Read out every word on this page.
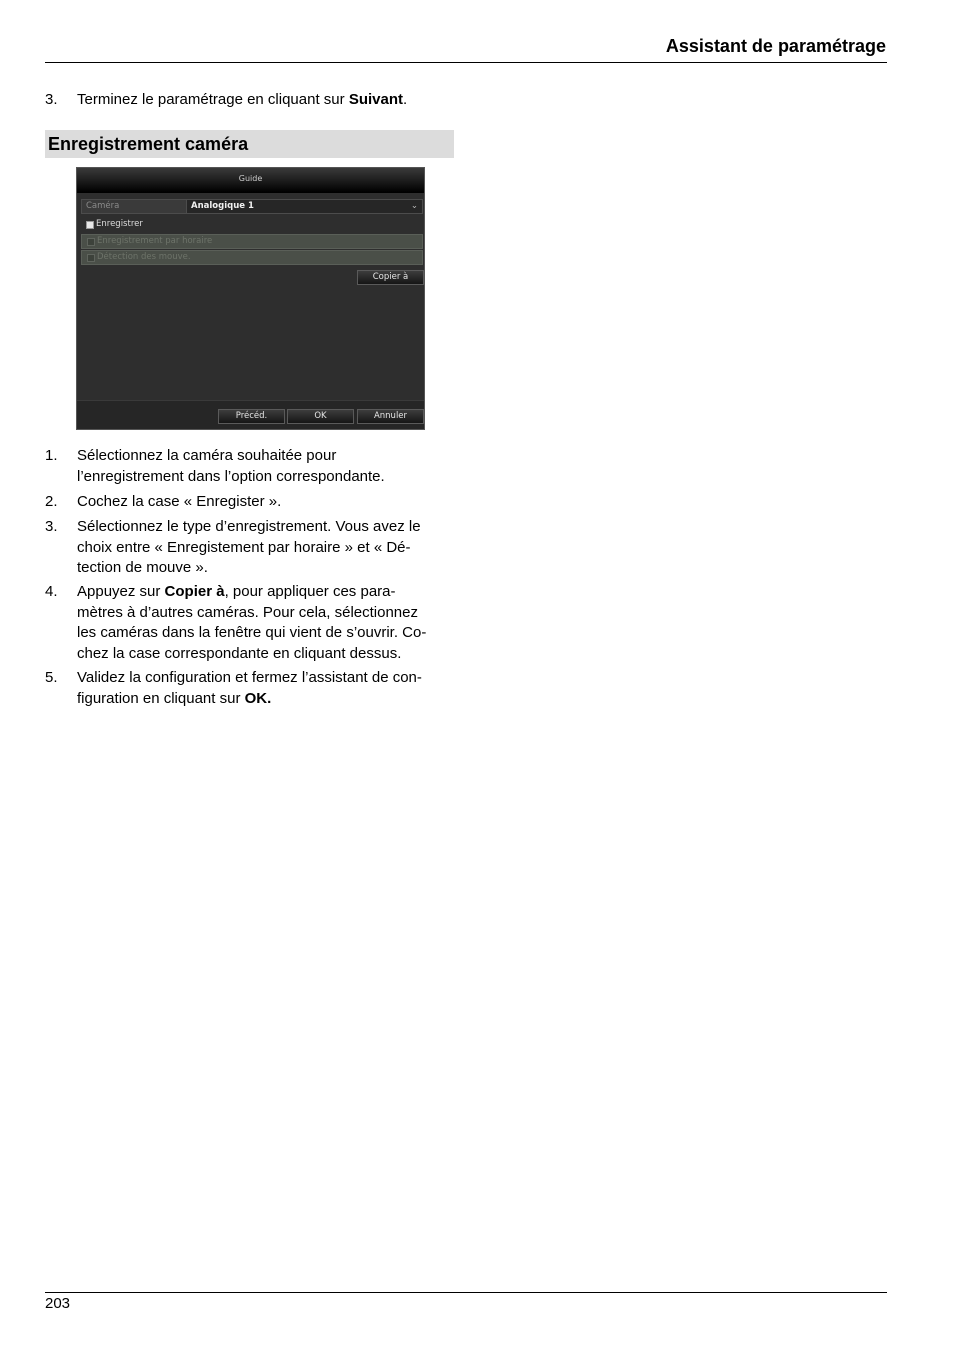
Assistant de paramétrage
3. Terminez le paramétrage en cliquant sur Suivant.
Enregistrement caméra
Guide
Caméra	Analogique 1	⌄
Enregistrer
Enregistrement par horaire
Détection des mouve.
Copier à
Précéd.	OK	Annuler
1. Sélectionnez la caméra souhaitée pour
l’enregistrement dans l’option correspondante.
2. Cochez la case « Enregister ».
3. Sélectionnez le type d’enregistrement. Vous avez le
choix entre « Enregistement par horaire » et « Dé-
tection de mouve ».
4. Appuyez sur Copier à, pour appliquer ces para-
mètres à d’autres caméras. Pour cela, sélectionnez
les caméras dans la fenêtre qui vient de s’ouvrir. Co-
chez la case correspondante en cliquant dessus.
5. Validez la configuration et fermez l’assistant de con-
figuration en cliquant sur OK.
203
